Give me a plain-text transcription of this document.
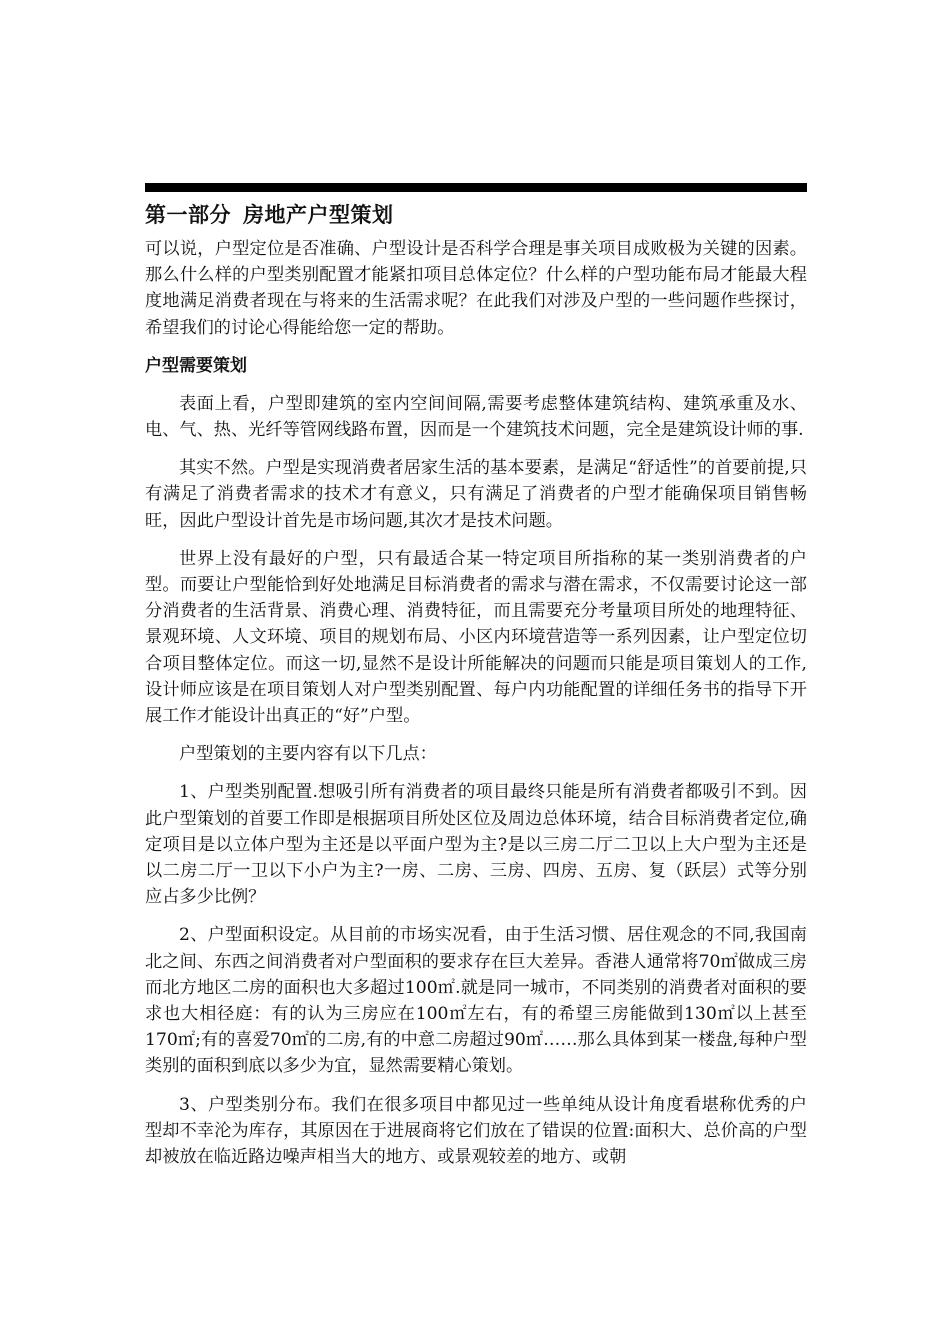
第一部分 房地产户型策划

可以说，户型定位是否准确、户型设计是否科学合理是事关项目成败极为关键的因素。那么什么样的户型类别配置才能紧扣项目总体定位？什么样的户型功能布局才能最大程度地满足消费者现在与将来的生活需求呢？在此我们对涉及户型的一些问题作些探讨，希望我们的讨论心得能给您一定的帮助。

户型需要策划

表面上看，户型即建筑的室内空间间隔,需要考虑整体建筑结构、建筑承重及水、电、气、热、光纤等管网线路布置，因而是一个建筑技术问题，完全是建筑设计师的事.

其实不然。户型是实现消费者居家生活的基本要素，是满足“舒适性”的首要前提,只有满足了消费者需求的技术才有意义，只有满足了消费者的户型才能确保项目销售畅旺，因此户型设计首先是市场问题,其次才是技术问题。

世界上没有最好的户型，只有最适合某一特定项目所指称的某一类别消费者的户型。而要让户型能恰到好处地满足目标消费者的需求与潜在需求，不仅需要讨论这一部分消费者的生活背景、消费心理、消费特征，而且需要充分考量项目所处的地理特征、景观环境、人文环境、项目的规划布局、小区内环境营造等一系列因素，让户型定位切合项目整体定位。而这一切,显然不是设计所能解决的问题而只能是项目策划人的工作,设计师应该是在项目策划人对户型类别配置、每户内功能配置的详细任务书的指导下开展工作才能设计出真正的“好”户型。

户型策划的主要内容有以下几点：

1、户型类别配置.想吸引所有消费者的项目最终只能是所有消费者都吸引不到。因此户型策划的首要工作即是根据项目所处区位及周边总体环境，结合目标消费者定位,确定项目是以立体户型为主还是以平面户型为主?是以三房二厅二卫以上大户型为主还是以二房二厅一卫以下小户为主?一房、二房、三房、四房、五房、复（跃层）式等分别应占多少比例？

2、户型面积设定。从目前的市场实况看，由于生活习惯、居住观念的不同,我国南北之间、东西之间消费者对户型面积的要求存在巨大差异。香港人通常将70㎡做成三房而北方地区二房的面积也大多超过100㎡.就是同一城市，不同类别的消费者对面积的要求也大相径庭：有的认为三房应在100㎡左右，有的希望三房能做到130㎡以上甚至170㎡;有的喜爱70㎡的二房,有的中意二房超过90㎡……那么具体到某一楼盘,每种户型类别的面积到底以多少为宜，显然需要精心策划。

3、户型类别分布。我们在很多项目中都见过一些单纯从设计角度看堪称优秀的户型却不幸沦为库存，其原因在于进展商将它们放在了错误的位置:面积大、总价高的户型却被放在临近路边噪声相当大的地方、或景观较差的地方、或朝
